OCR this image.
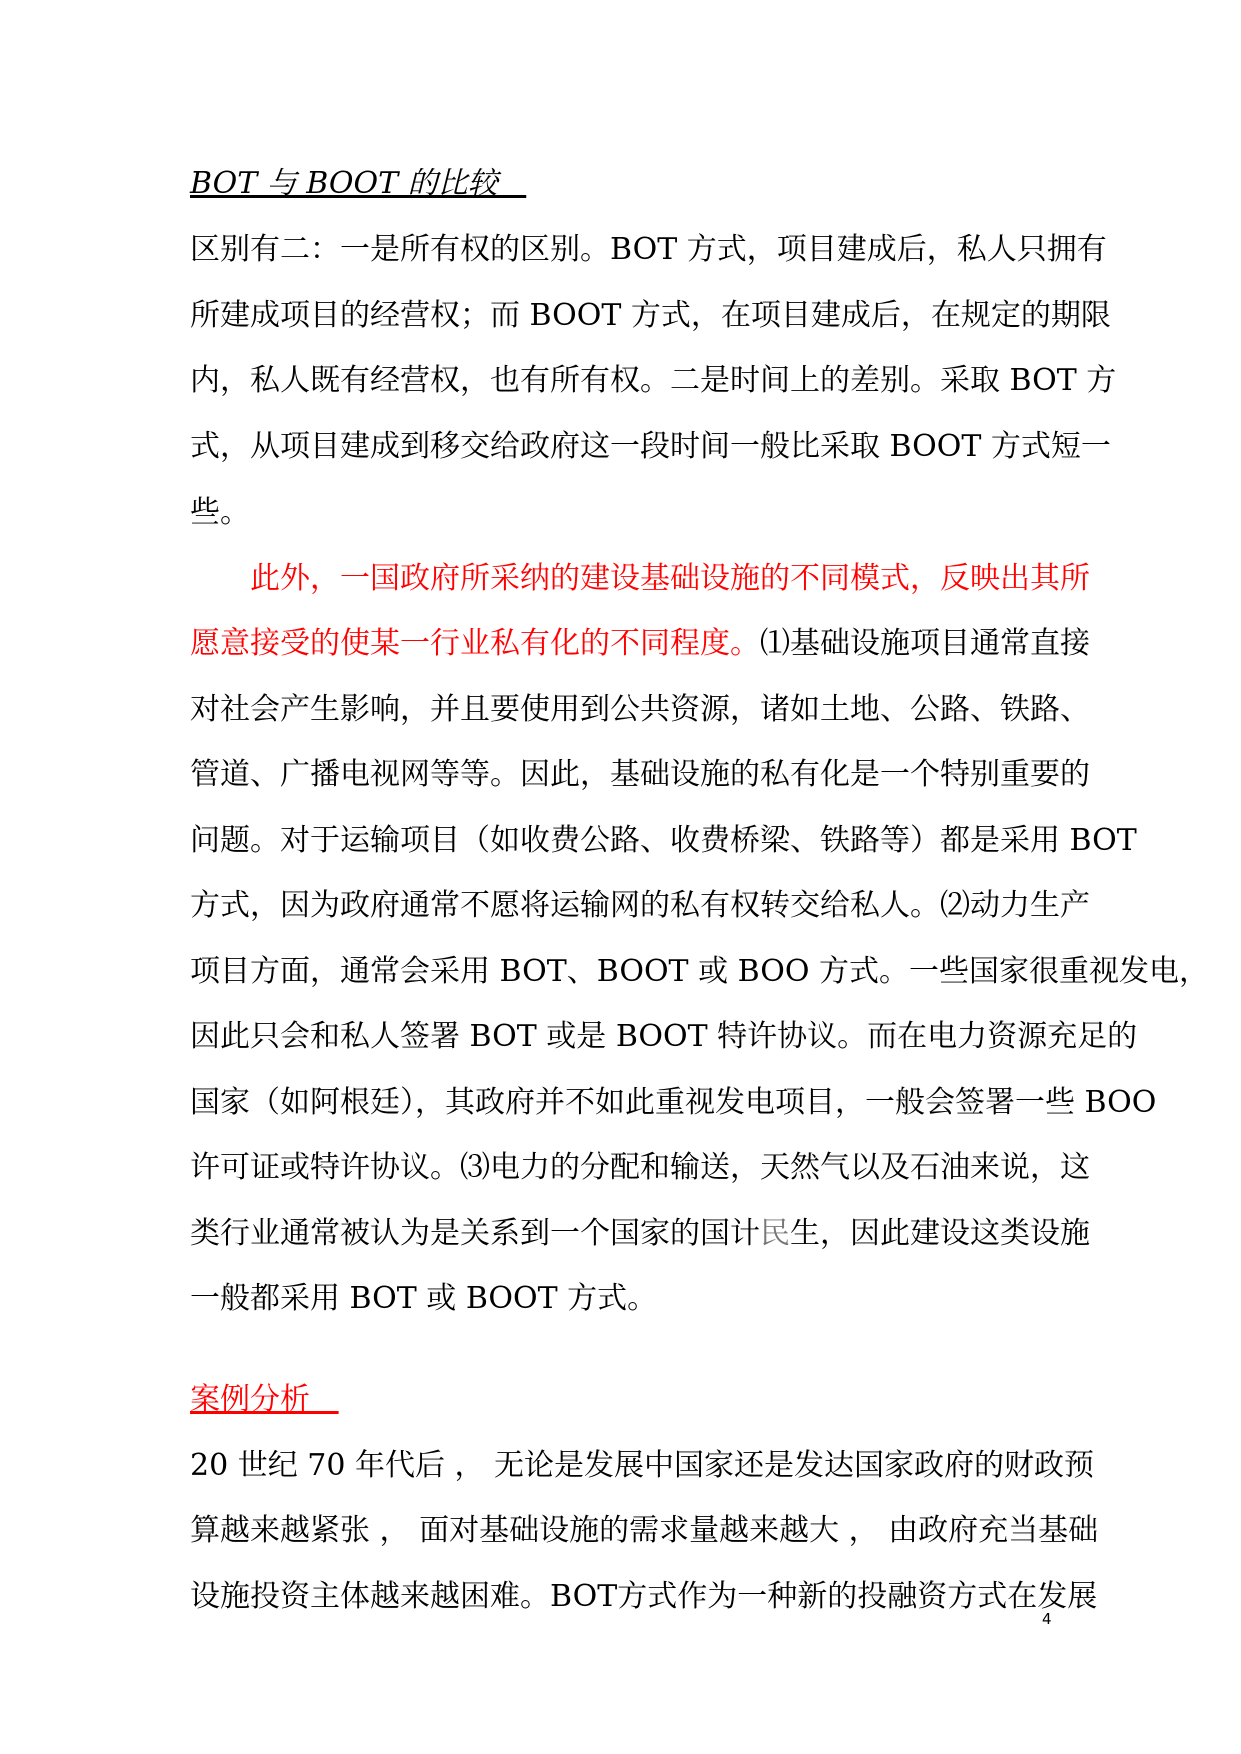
BOT 与 BOOT 的比较
区别有二：一是所有权的区别。BOT 方式，项目建成后，私人只拥有
所建成项目的经营权；而 BOOT 方式，在项目建成后，在规定的期限
内，私人既有经营权，也有所有权。二是时间上的差别。采取 BOT 方
式，从项目建成到移交给政府这一段时间一般比采取 BOOT 方式短一
些。
此外，一国政府所采纳的建设基础设施的不同模式，反映出其所
愿意接受的使某一行业私有化的不同程度。⑴基础设施项目通常直接
对社会产生影响，并且要使用到公共资源，诸如土地、公路、铁路、
管道、广播电视网等等。因此，基础设施的私有化是一个特别重要的
问题。对于运输项目（如收费公路、收费桥梁、铁路等）都是采用 BOT
方式，因为政府通常不愿将运输网的私有权转交给私人。⑵动力生产
项目方面，通常会采用 BOT、BOOT 或 BOO 方式。一些国家很重视发电，
因此只会和私人签署 BOT 或是 BOOT 特许协议。而在电力资源充足的
国家（如阿根廷），其政府并不如此重视发电项目，一般会签署一些 BOO
许可证或特许协议。⑶电力的分配和输送，天然气以及石油来说，这
类行业通常被认为是关系到一个国家的国计民生，因此建设这类设施
一般都采用 BOT 或 BOOT 方式。
案例分析
20 世纪 70 年代后 ， 无论是发展中国家还是发达国家政府的财政预
算越来越紧张 ， 面对基础设施的需求量越来越大 ， 由政府充当基础
设施投资主体越来越困难。BOT方式作为一种新的投融资方式在发展
4
